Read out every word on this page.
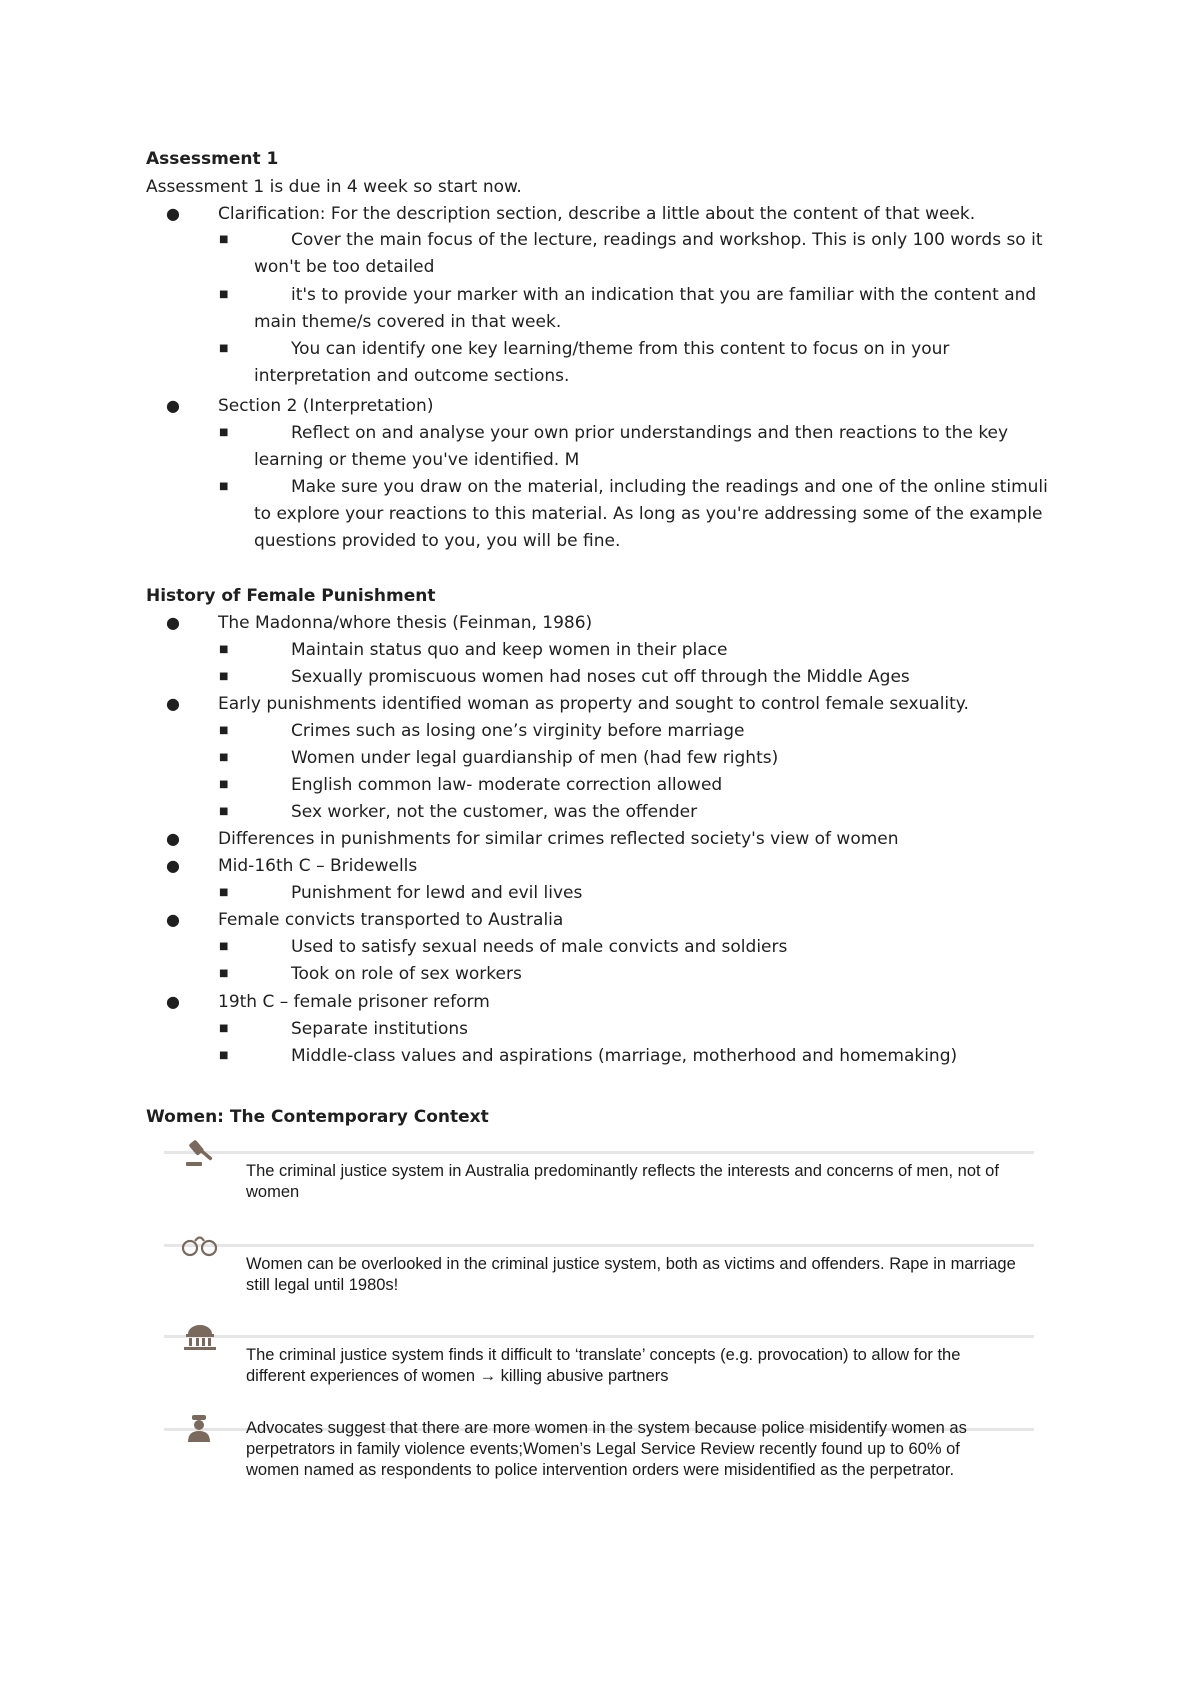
Assessment 1
Assessment 1 is due in 4 week so start now.
● Clarification: For the description section, describe a little about the content of that week.
■	Cover the main focus of the lecture, readings and workshop. This is only 100 words so it won't be too detailed
■	it's to provide your marker with an indication that you are familiar with the content and main theme/s covered in that week.
■	You can identify one key learning/theme from this content to focus on in your interpretation and outcome sections.
● Section 2 (Interpretation)
■	Reflect on and analyse your own prior understandings and then reactions to the key learning or theme you've identified. M
■	Make sure you draw on the material, including the readings and one of the online stimuli to explore your reactions to this material. As long as you're addressing some of the example questions provided to you, you will be fine.
History of Female Punishment
● The Madonna/whore thesis (Feinman, 1986)
■	Maintain status quo and keep women in their place
■	Sexually promiscuous women had noses cut off through the Middle Ages
● Early punishments identified woman as property and sought to control female sexuality.
■	Crimes such as losing one’s virginity before marriage
■	Women under legal guardianship of men (had few rights)
■	English common law- moderate correction allowed
■	Sex worker, not the customer, was the offender
● Differences in punishments for similar crimes reflected society's view of women
● Mid-16th C – Bridewells
■	Punishment for lewd and evil lives
● Female convicts transported to Australia
■	Used to satisfy sexual needs of male convicts and soldiers
■	Took on role of sex workers
● 19th C – female prisoner reform
■	Separate institutions
■	Middle-class values and aspirations (marriage, motherhood and homemaking)
Women: The Contemporary Context
The criminal justice system in Australia predominantly reflects the interests and concerns of men, not of women
Women can be overlooked in the criminal justice system, both as victims and offenders. Rape in marriage still legal until 1980s!
The criminal justice system finds it difficult to ‘translate’ concepts (e.g. provocation) to allow for the different experiences of women → killing abusive partners
Advocates suggest that there are more women in the system because police misidentify women as perpetrators in family violence events;Women’s Legal Service Review recently found up to 60% of women named as respondents to police intervention orders were misidentified as the perpetrator.
